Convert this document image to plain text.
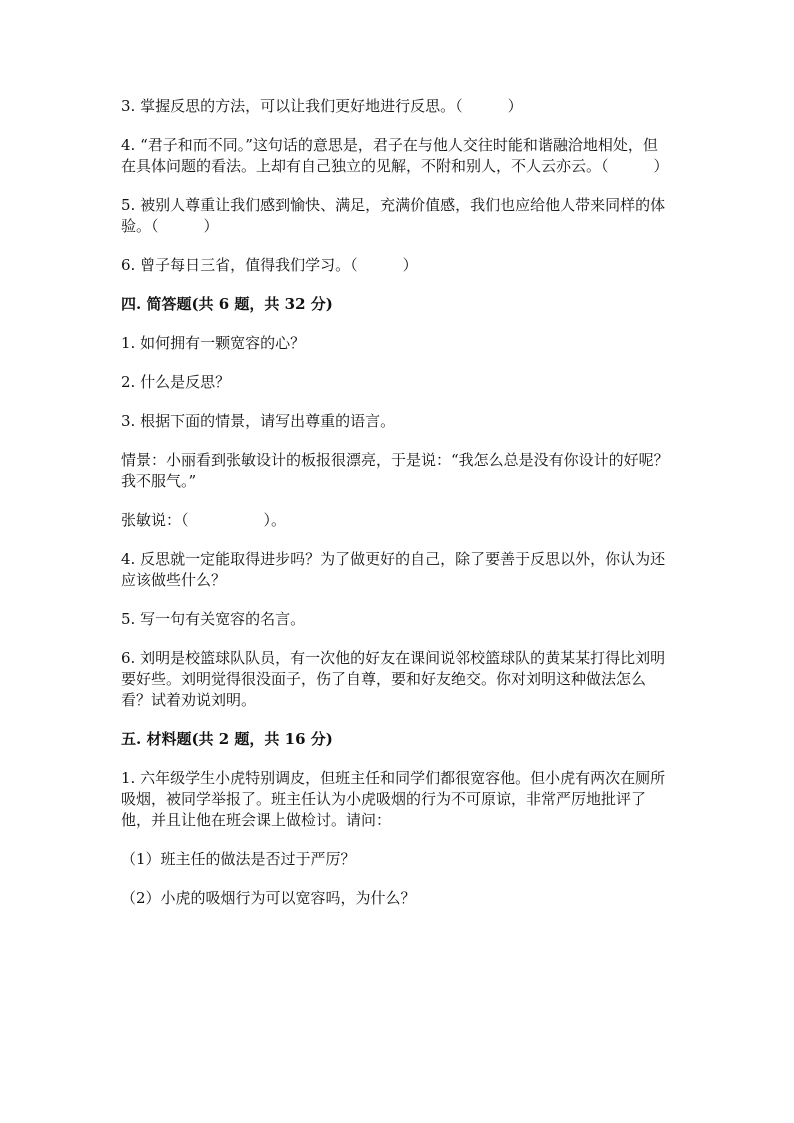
3. 掌握反思的方法，可以让我们更好地进行反思。（　　　）

4. “君子和而不同。”这句话的意思是，君子在与他人交往时能和谐融洽地相处，但在具体问题的看法。上却有自己独立的见解，不附和别人，不人云亦云。（　　　）

5. 被别人尊重让我们感到愉快、满足，充满价值感，我们也应给他人带来同样的体验。（　　　）

6. 曾子每日三省，值得我们学习。（　　　）

四. 简答题(共 6 题，共 32 分)

1. 如何拥有一颗宽容的心？

2. 什么是反思？

3. 根据下面的情景，请写出尊重的语言。

情景：小丽看到张敏设计的板报很漂亮，于是说：“我怎么总是没有你设计的好呢？我不服气。”

张敏说：（　　　　　）。

4. 反思就一定能取得进步吗？为了做更好的自己，除了要善于反思以外，你认为还应该做些什么？

5. 写一句有关宽容的名言。

6. 刘明是校篮球队队员，有一次他的好友在课间说邻校篮球队的黄某某打得比刘明要好些。刘明觉得很没面子，伤了自尊，要和好友绝交。你对刘明这种做法怎么看？试着劝说刘明。

五. 材料题(共 2 题，共 16 分)

1. 六年级学生小虎特别调皮，但班主任和同学们都很宽容他。但小虎有两次在厕所吸烟，被同学举报了。班主任认为小虎吸烟的行为不可原谅，非常严厉地批评了他，并且让他在班会课上做检讨。请问：

（1）班主任的做法是否过于严厉？

（2）小虎的吸烟行为可以宽容吗，为什么？
